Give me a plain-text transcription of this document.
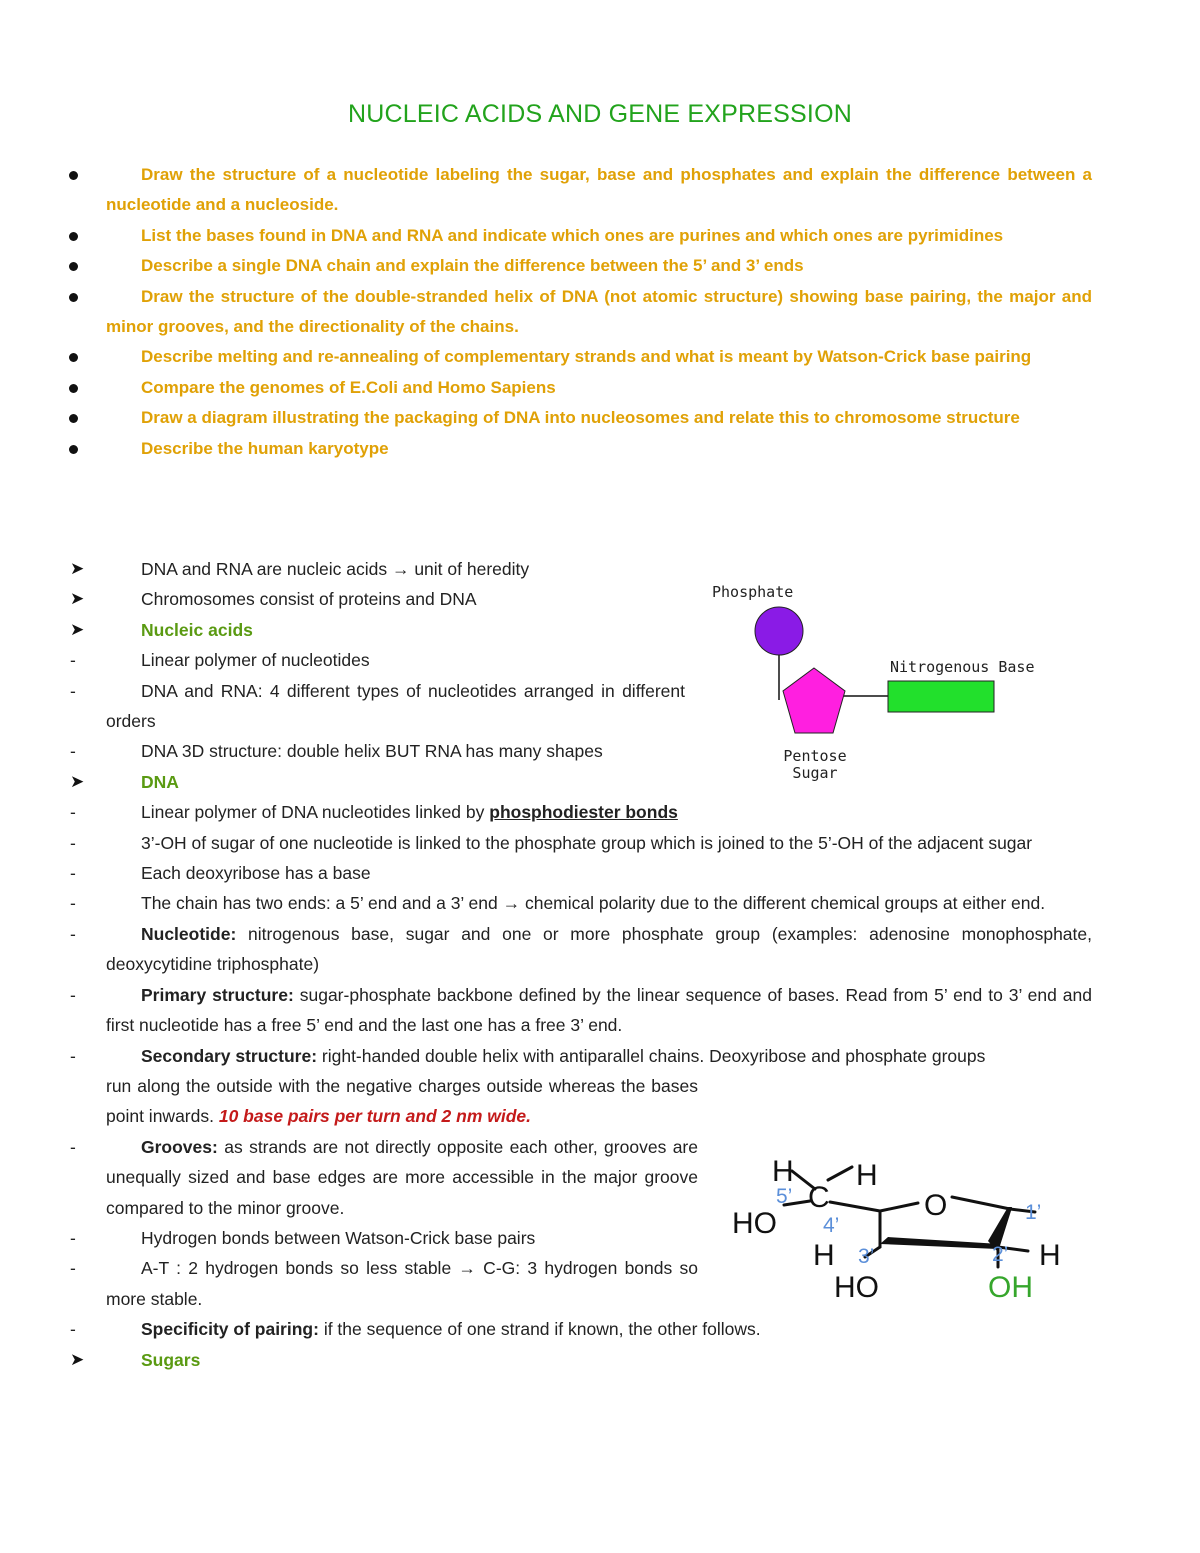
NUCLEIC ACIDS AND GENE EXPRESSION
Draw the structure of a nucleotide labeling the sugar, base and phosphates and explain the difference between a nucleotide and a nucleoside.
List the bases found in DNA and RNA and indicate which ones are purines and which ones are pyrimidines
Describe a single DNA chain and explain the difference between the 5’ and 3’ ends
Draw the structure of the double-stranded helix of DNA (not atomic structure) showing base pairing, the major and minor grooves, and the directionality of the chains.
Describe melting and re-annealing of complementary strands and what is meant by Watson-Crick base pairing
Compare the genomes of E.Coli and Homo Sapiens
Draw a diagram illustrating the packaging of DNA into nucleosomes and relate this to chromosome structure
Describe the human karyotype
➤	DNA and RNA are nucleic acids → unit of heredity
➤	Chromosomes consist of proteins and DNA
➤	Nucleic acids
-	Linear polymer of nucleotides
-	DNA and RNA: 4 different types of nucleotides arranged in different orders
-	DNA 3D structure: double helix BUT RNA has many shapes
➤	DNA
-	Linear polymer of DNA nucleotides linked by phosphodiester bonds
-	3’-OH of sugar of one nucleotide is linked to the phosphate group which is joined to the 5’-OH of the adjacent sugar
-	Each deoxyribose has a base
-	The chain has two ends: a 5’ end and a 3’ end → chemical polarity due to the different chemical groups at either end.
-	Nucleotide: nitrogenous base, sugar and one or more phosphate group (examples: adenosine monophosphate, deoxycytidine triphosphate)
-	Primary structure: sugar-phosphate backbone defined by the linear sequence of bases. Read from 5’ end to 3’ end and first nucleotide has a free 5’ end and the last one has a free 3’ end.
-	Secondary structure: right-handed double helix with antiparallel chains. Deoxyribose and phosphate groups
run along the outside with the negative charges outside whereas the bases point inwards. 10 base pairs per turn and 2 nm wide.
-	Grooves: as strands are not directly opposite each other, grooves are unequally sized and base edges are more accessible in the major groove compared to the minor groove.
-	Hydrogen bonds between Watson-Crick base pairs
-	A-T : 2 hydrogen bonds so less stable → C-G: 3 hydrogen bonds so more stable.
-	Specificity of pairing: if the sequence of one strand if known, the other follows.
➤	Sugars
Phosphate
Nitrogenous Base
Pentose
Sugar
H H
C	O
HO
H	H
HO	OH
5’
4’
3’	2’
1’
